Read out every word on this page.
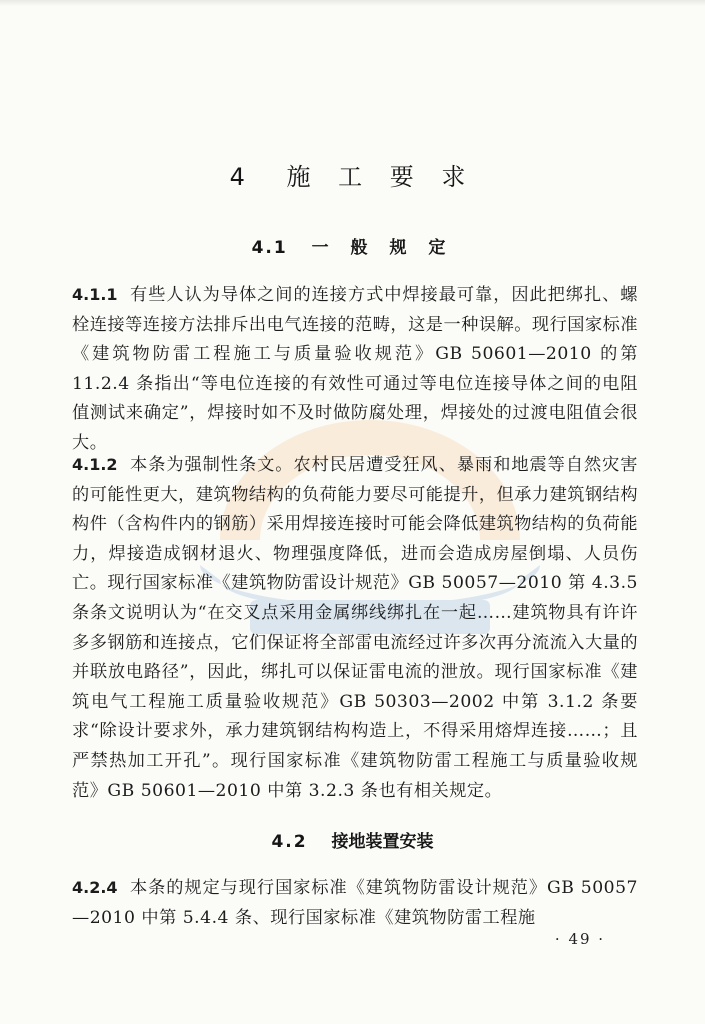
4 施 工 要 求
4.1 一 般 规 定
4.1.1 有些人认为导体之间的连接方式中焊接最可靠，因此把绑扎、螺栓连接等连接方法排斥出电气连接的范畴，这是一种误解。现行国家标准《建筑物防雷工程施工与质量验收规范》GB 50601—2010 的第 11.2.4 条指出“等电位连接的有效性可通过等电位连接导体之间的电阻值测试来确定”，焊接时如不及时做防腐处理，焊接处的过渡电阻值会很大。
4.1.2 本条为强制性条文。农村民居遭受狂风、暴雨和地震等自然灾害的可能性更大，建筑物结构的负荷能力要尽可能提升，但承力建筑钢结构构件（含构件内的钢筋）采用焊接连接时可能会降低建筑物结构的负荷能力，焊接造成钢材退火、物理强度降低，进而会造成房屋倒塌、人员伤亡。现行国家标准《建筑物防雷设计规范》GB 50057—2010 第 4.3.5 条条文说明认为“在交叉点采用金属绑线绑扎在一起……建筑物具有许许多多钢筋和连接点，它们保证将全部雷电流经过许多次再分流流入大量的并联放电路径”，因此，绑扎可以保证雷电流的泄放。现行国家标准《建筑电气工程施工质量验收规范》GB 50303—2002 中第 3.1.2 条要求“除设计要求外，承力建筑钢结构构造上，不得采用熔焊连接……；且严禁热加工开孔”。现行国家标准《建筑物防雷工程施工与质量验收规范》GB 50601—2010 中第 3.2.3 条也有相关规定。
4.2 接地装置安装
4.2.4 本条的规定与现行国家标准《建筑物防雷设计规范》GB 50057—2010 中第 5.4.4 条、现行国家标准《建筑物防雷工程施
· 49 ·
